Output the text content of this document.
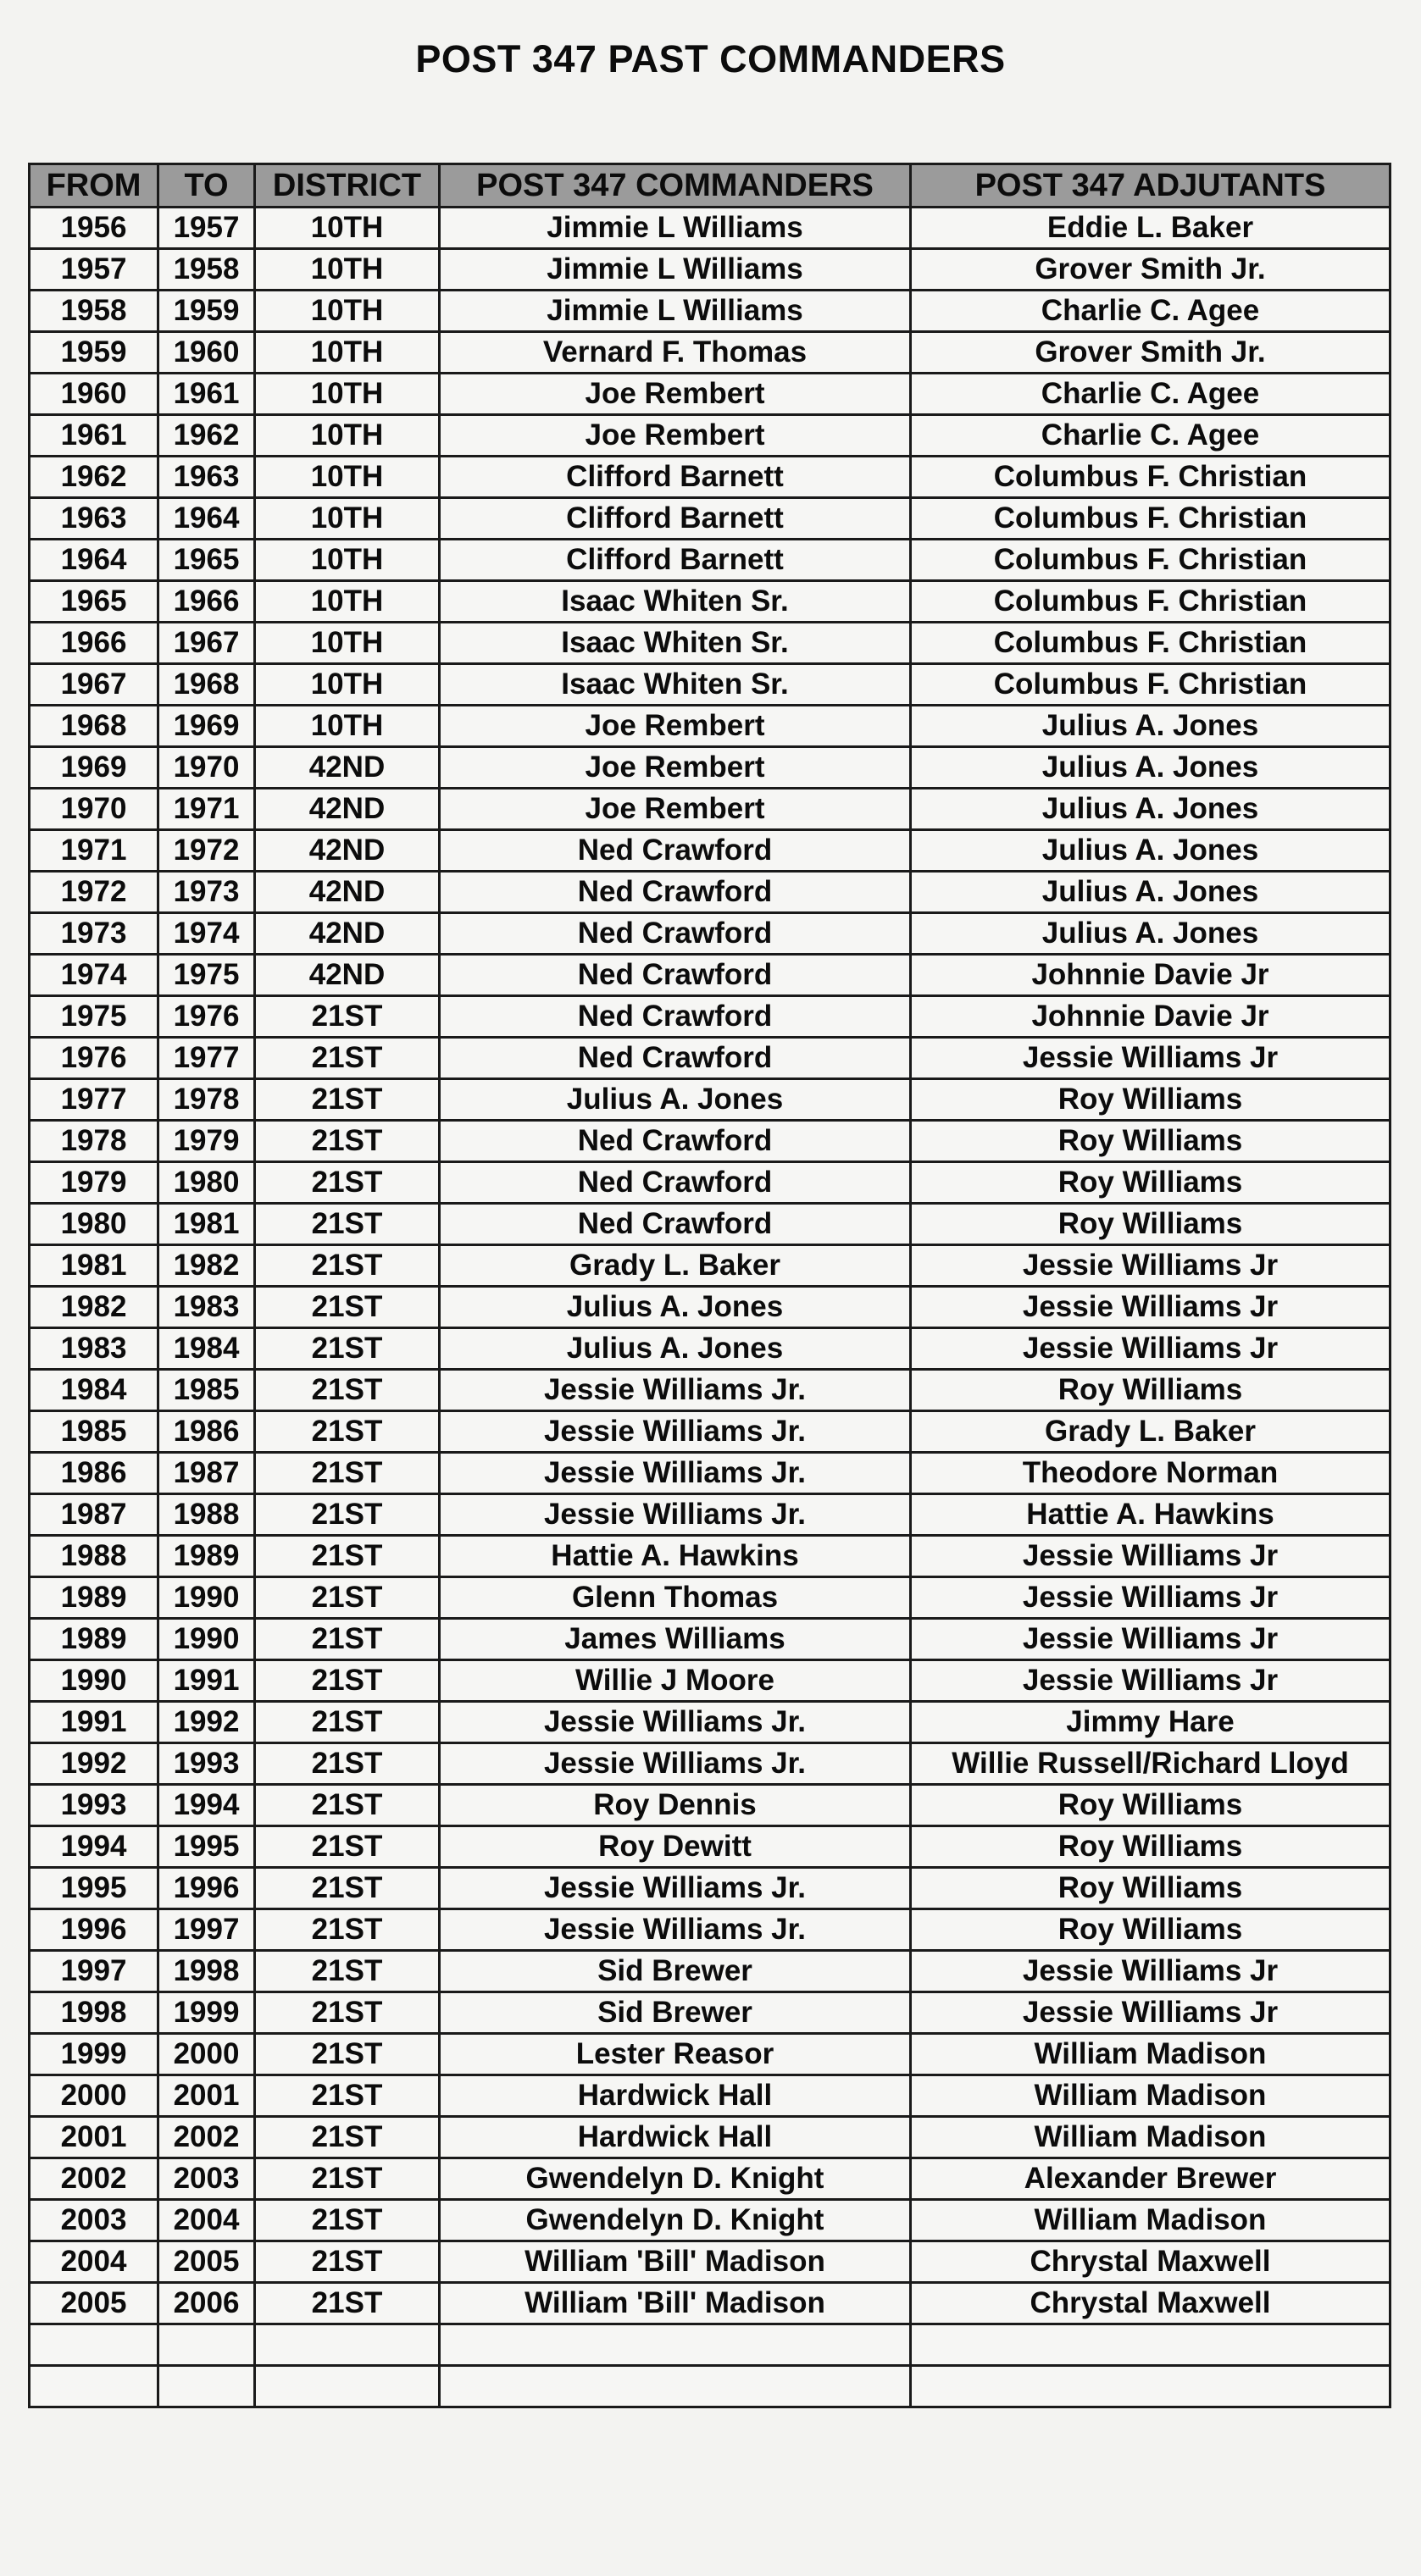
POST 347 PAST COMMANDERS
FROM	TO	DISTRICT	POST 347 COMMANDERS	POST 347 ADJUTANTS
1956	1957	10TH	Jimmie L Williams	Eddie L. Baker
1957	1958	10TH	Jimmie L Williams	Grover Smith Jr.
1958	1959	10TH	Jimmie L Williams	Charlie C. Agee
1959	1960	10TH	Vernard F. Thomas	Grover Smith Jr.
1960	1961	10TH	Joe Rembert	Charlie C. Agee
1961	1962	10TH	Joe Rembert	Charlie C. Agee
1962	1963	10TH	Clifford Barnett	Columbus F. Christian
1963	1964	10TH	Clifford Barnett	Columbus F. Christian
1964	1965	10TH	Clifford Barnett	Columbus F. Christian
1965	1966	10TH	Isaac Whiten Sr.	Columbus F. Christian
1966	1967	10TH	Isaac Whiten Sr.	Columbus F. Christian
1967	1968	10TH	Isaac Whiten Sr.	Columbus F. Christian
1968	1969	10TH	Joe Rembert	Julius A. Jones
1969	1970	42ND	Joe Rembert	Julius A. Jones
1970	1971	42ND	Joe Rembert	Julius A. Jones
1971	1972	42ND	Ned Crawford	Julius A. Jones
1972	1973	42ND	Ned Crawford	Julius A. Jones
1973	1974	42ND	Ned Crawford	Julius A. Jones
1974	1975	42ND	Ned Crawford	Johnnie Davie Jr
1975	1976	21ST	Ned Crawford	Johnnie Davie Jr
1976	1977	21ST	Ned Crawford	Jessie Williams Jr
1977	1978	21ST	Julius A. Jones	Roy Williams
1978	1979	21ST	Ned Crawford	Roy Williams
1979	1980	21ST	Ned Crawford	Roy Williams
1980	1981	21ST	Ned Crawford	Roy Williams
1981	1982	21ST	Grady L. Baker	Jessie Williams Jr
1982	1983	21ST	Julius A. Jones	Jessie Williams Jr
1983	1984	21ST	Julius A. Jones	Jessie Williams Jr
1984	1985	21ST	Jessie Williams Jr.	Roy Williams
1985	1986	21ST	Jessie Williams Jr.	Grady L. Baker
1986	1987	21ST	Jessie Williams Jr.	Theodore Norman
1987	1988	21ST	Jessie Williams Jr.	Hattie A. Hawkins
1988	1989	21ST	Hattie A. Hawkins	Jessie Williams Jr
1989	1990	21ST	Glenn Thomas	Jessie Williams Jr
1989	1990	21ST	James Williams	Jessie Williams Jr
1990	1991	21ST	Willie J Moore	Jessie Williams Jr
1991	1992	21ST	Jessie Williams Jr.	Jimmy Hare
1992	1993	21ST	Jessie Williams Jr.	Willie Russell/Richard Lloyd
1993	1994	21ST	Roy Dennis	Roy Williams
1994	1995	21ST	Roy Dewitt	Roy Williams
1995	1996	21ST	Jessie Williams Jr.	Roy Williams
1996	1997	21ST	Jessie Williams Jr.	Roy Williams
1997	1998	21ST	Sid Brewer	Jessie Williams Jr
1998	1999	21ST	Sid Brewer	Jessie Williams Jr
1999	2000	21ST	Lester Reasor	William Madison
2000	2001	21ST	Hardwick Hall	William Madison
2001	2002	21ST	Hardwick Hall	William Madison
2002	2003	21ST	Gwendelyn D. Knight	Alexander Brewer
2003	2004	21ST	Gwendelyn D. Knight	William Madison
2004	2005	21ST	William 'Bill' Madison	Chrystal Maxwell
2005	2006	21ST	William 'Bill' Madison	Chrystal Maxwell
